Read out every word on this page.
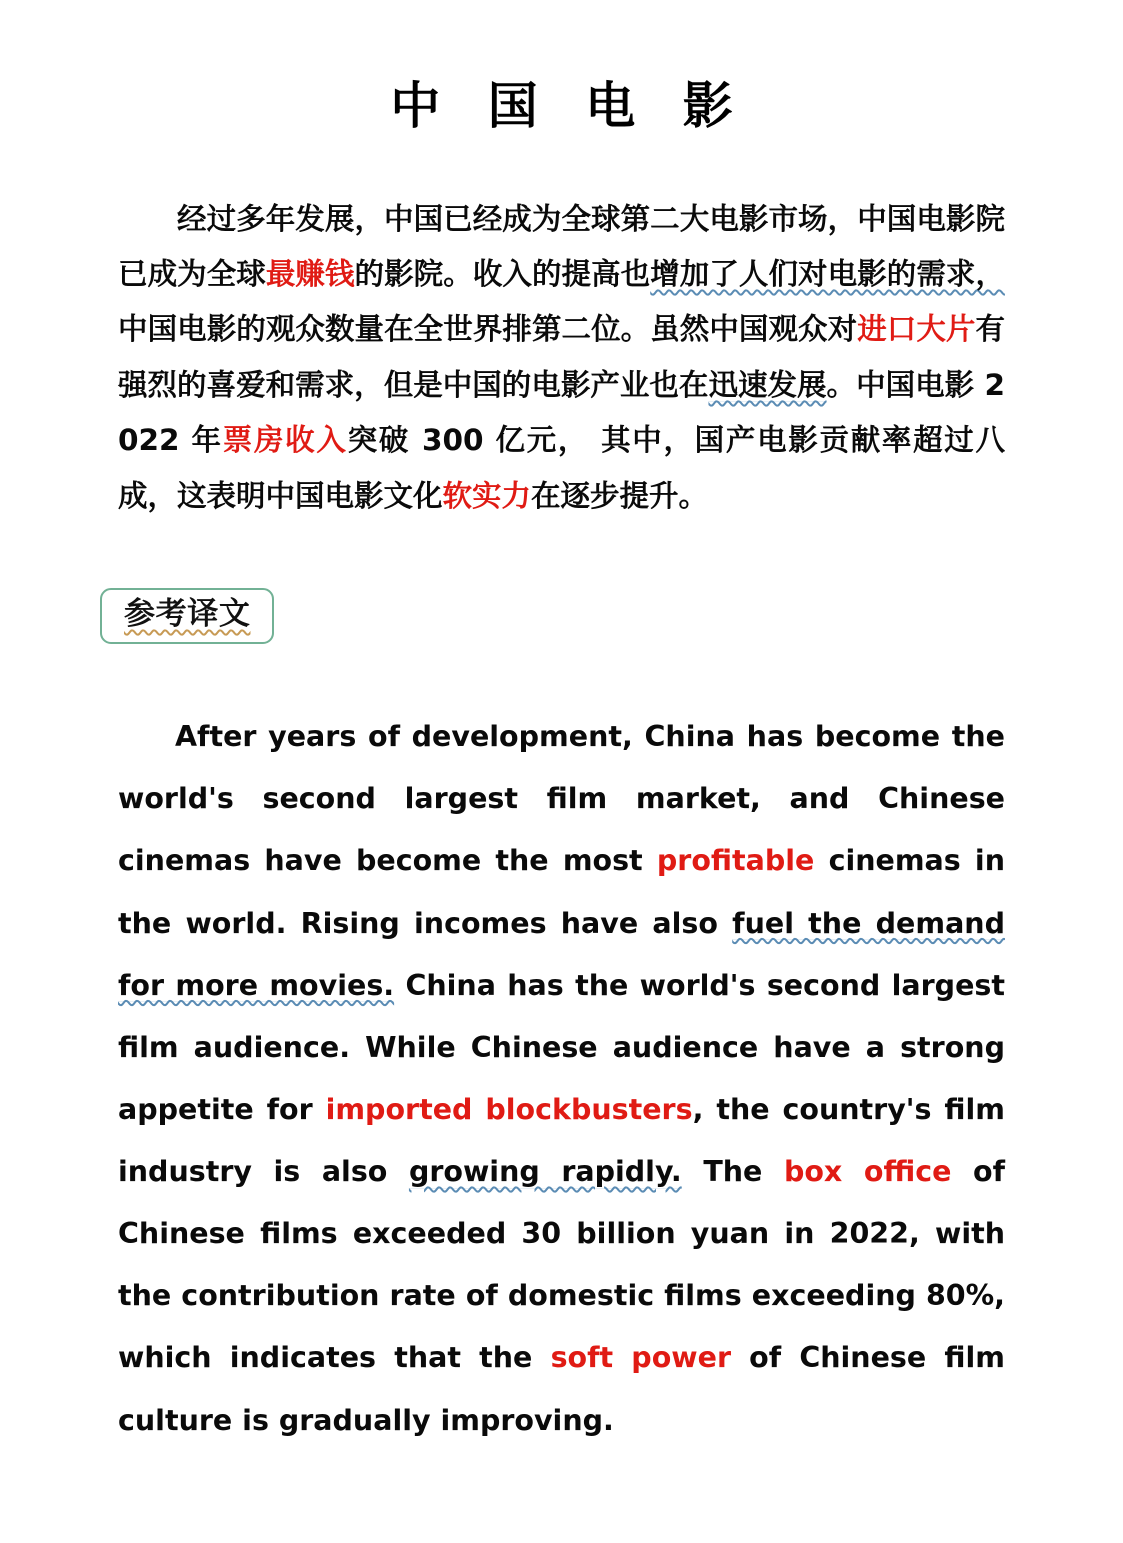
中 国 电 影

经过多年发展，中国已经成为全球第二大电影市场，中国电影院已成为全球最赚钱的影院。收入的提高也增加了人们对电影的需求，中国电影的观众数量在全世界排第二位。虽然中国观众对进口大片有强烈的喜爱和需求，但是中国的电影产业也在迅速发展。中国电影 2022 年票房收入突破 300 亿元， 其中，国产电影贡献率超过八成，这表明中国电影文化软实力在逐步提升。

参考译文

After years of development, China has become the world's second largest film market, and Chinese cinemas have become the most profitable cinemas in the world. Rising incomes have also fuel the demand for more movies. China has the world's second largest film audience. While Chinese audience have a strong appetite for imported blockbusters, the country's film industry is also growing rapidly. The box office of Chinese films exceeded 30 billion yuan in 2022, with the contribution rate of domestic films exceeding 80%, which indicates that the soft power of Chinese film culture is gradually improving.
